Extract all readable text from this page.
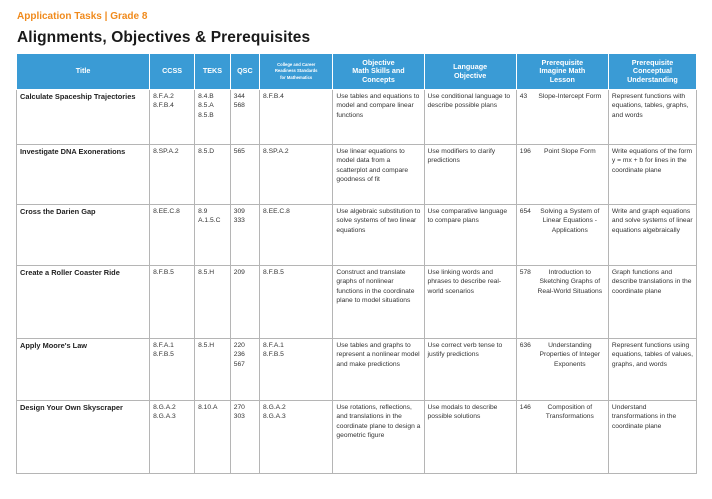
Application Tasks | Grade 8
Alignments, Objectives & Prerequisites
Title	CCSS	TEKS	QSC	College and Career
Readiness Standards
for Mathematics	Objective
Math Skills and
Concepts	Language
Objective	Prerequisite
Imagine Math
Lesson	Prerequisite
Conceptual
Understanding

Calculate Spaceship Trajectories	8.F.A.2
8.F.B.4	8.4.B
8.5.A
8.5.B	344
568	8.F.B.4	Use tables and equations to model and compare linear functions	Use conditional language to describe possible plans	43 Slope-Intercept Form	Represent functions with equations, tables, graphs, and words
Investigate DNA Exonerations	8.SP.A.2	8.5.D	565	8.SP.A.2	Use linear equations to model data from a scatterplot and compare goodness of fit	Use modifiers to clarify predictions	196 Point Slope Form	Write equations of the form y = mx + b for lines in the coordinate plane
Cross the Darien Gap	8.EE.C.8	8.9
A.1.5.C	309
333	8.EE.C.8	Use algebraic substitution to solve systems of two linear equations	Use comparative language to compare plans	654 Solving a System of Linear Equations - Applications	Write and graph equations and solve systems of linear equations algebraically
Create a Roller Coaster Ride	8.F.B.5	8.5.H	209	8.F.B.5	Construct and translate graphs of nonlinear functions in the coordinate plane to model situations	Use linking words and phrases to describe real-world scenarios	578 Introduction to Sketching Graphs of Real-World Situations	Graph functions and describe translations in the coordinate plane
Apply Moore's Law	8.F.A.1
8.F.B.5	8.5.H	220
236
567	8.F.A.1
8.F.B.5	Use tables and graphs to represent a nonlinear model and make predictions	Use correct verb tense to justify predictions	636 Understanding Properties of Integer Exponents	Represent functions using equations, tables of values, graphs, and words
Design Your Own Skyscraper	8.G.A.2
8.G.A.3	8.10.A	270
303	8.G.A.2
8.G.A.3	Use rotations, reflections, and translations in the coordinate plane to design a geometric figure	Use modals to describe possible solutions	146 Composition of Transformations	Understand transformations in the coordinate plane
